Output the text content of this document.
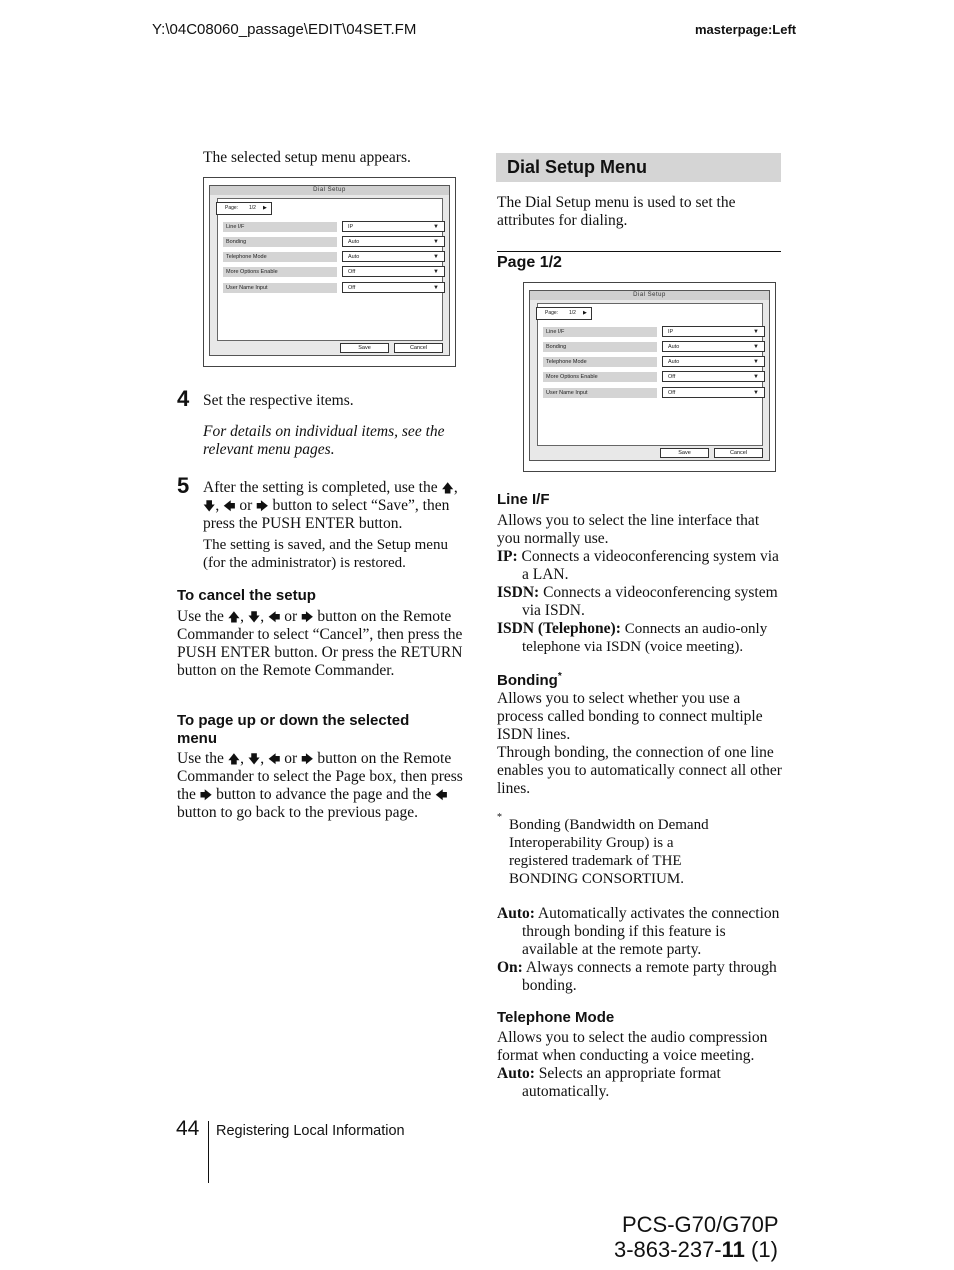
Y:\04C08060_passage\EDIT\04SET.FM	masterpage:Left

The selected setup menu appears.

Dial Setup
Page: 1/2 ▶
Line I/F	IP	▼
Bonding	Auto	▼
Telephone Mode	Auto	▼
More Options Enable	Off	▼
User Name Input	Off	▼
Save	Cancel
4 Set the respective items.

For details on individual items, see the relevant menu pages.

5 After the setting is completed, use the 🡅, 🡇, 🡄 or 🡆 button to select “Save”, then press the PUSH ENTER button.

The setting is saved, and the Setup menu (for the administrator) is restored.

To cancel the setup

Use the 🡅, 🡇, 🡄 or 🡆 button on the Remote Commander to select “Cancel”, then press the PUSH ENTER button. Or press the RETURN button on the Remote Commander.

To page up or down the selected menu

Use the 🡅, 🡇, 🡄 or 🡆 button on the Remote Commander to select the Page box, then press the 🡆 button to advance the page and the 🡄 button to go back to the previous page.

Dial Setup Menu

The Dial Setup menu is used to set the attributes for dialing.

Page 1/2

Dial Setup
Page: 1/2 ▶
Line I/F	IP	▼
Bonding	Auto	▼
Telephone Mode	Auto	▼
More Options Enable	Off	▼
User Name Input	Off	▼
Save	Cancel

Line I/F

Allows you to select the line interface that you normally use.

IP: Connects a videoconferencing system via a LAN.

ISDN: Connects a videoconferencing system via ISDN.

ISDN (Telephone): Connects an audio-only telephone via ISDN (voice meeting).

Bonding*

Allows you to select whether you use a process called bonding to connect multiple ISDN lines.

Through bonding, the connection of one line enables you to automatically connect all other lines.

* Bonding (Bandwidth on Demand Interoperability Group) is a registered trademark of THE BONDING CONSORTIUM.

Auto: Automatically activates the connection through bonding if this feature is available at the remote party.

On: Always connects a remote party through bonding.

Telephone Mode

Allows you to select the audio compression format when conducting a voice meeting.

Auto: Selects an appropriate format automatically.

44 Registering Local Information
PCS-G70/G70P
3-863-237-11 (1)
